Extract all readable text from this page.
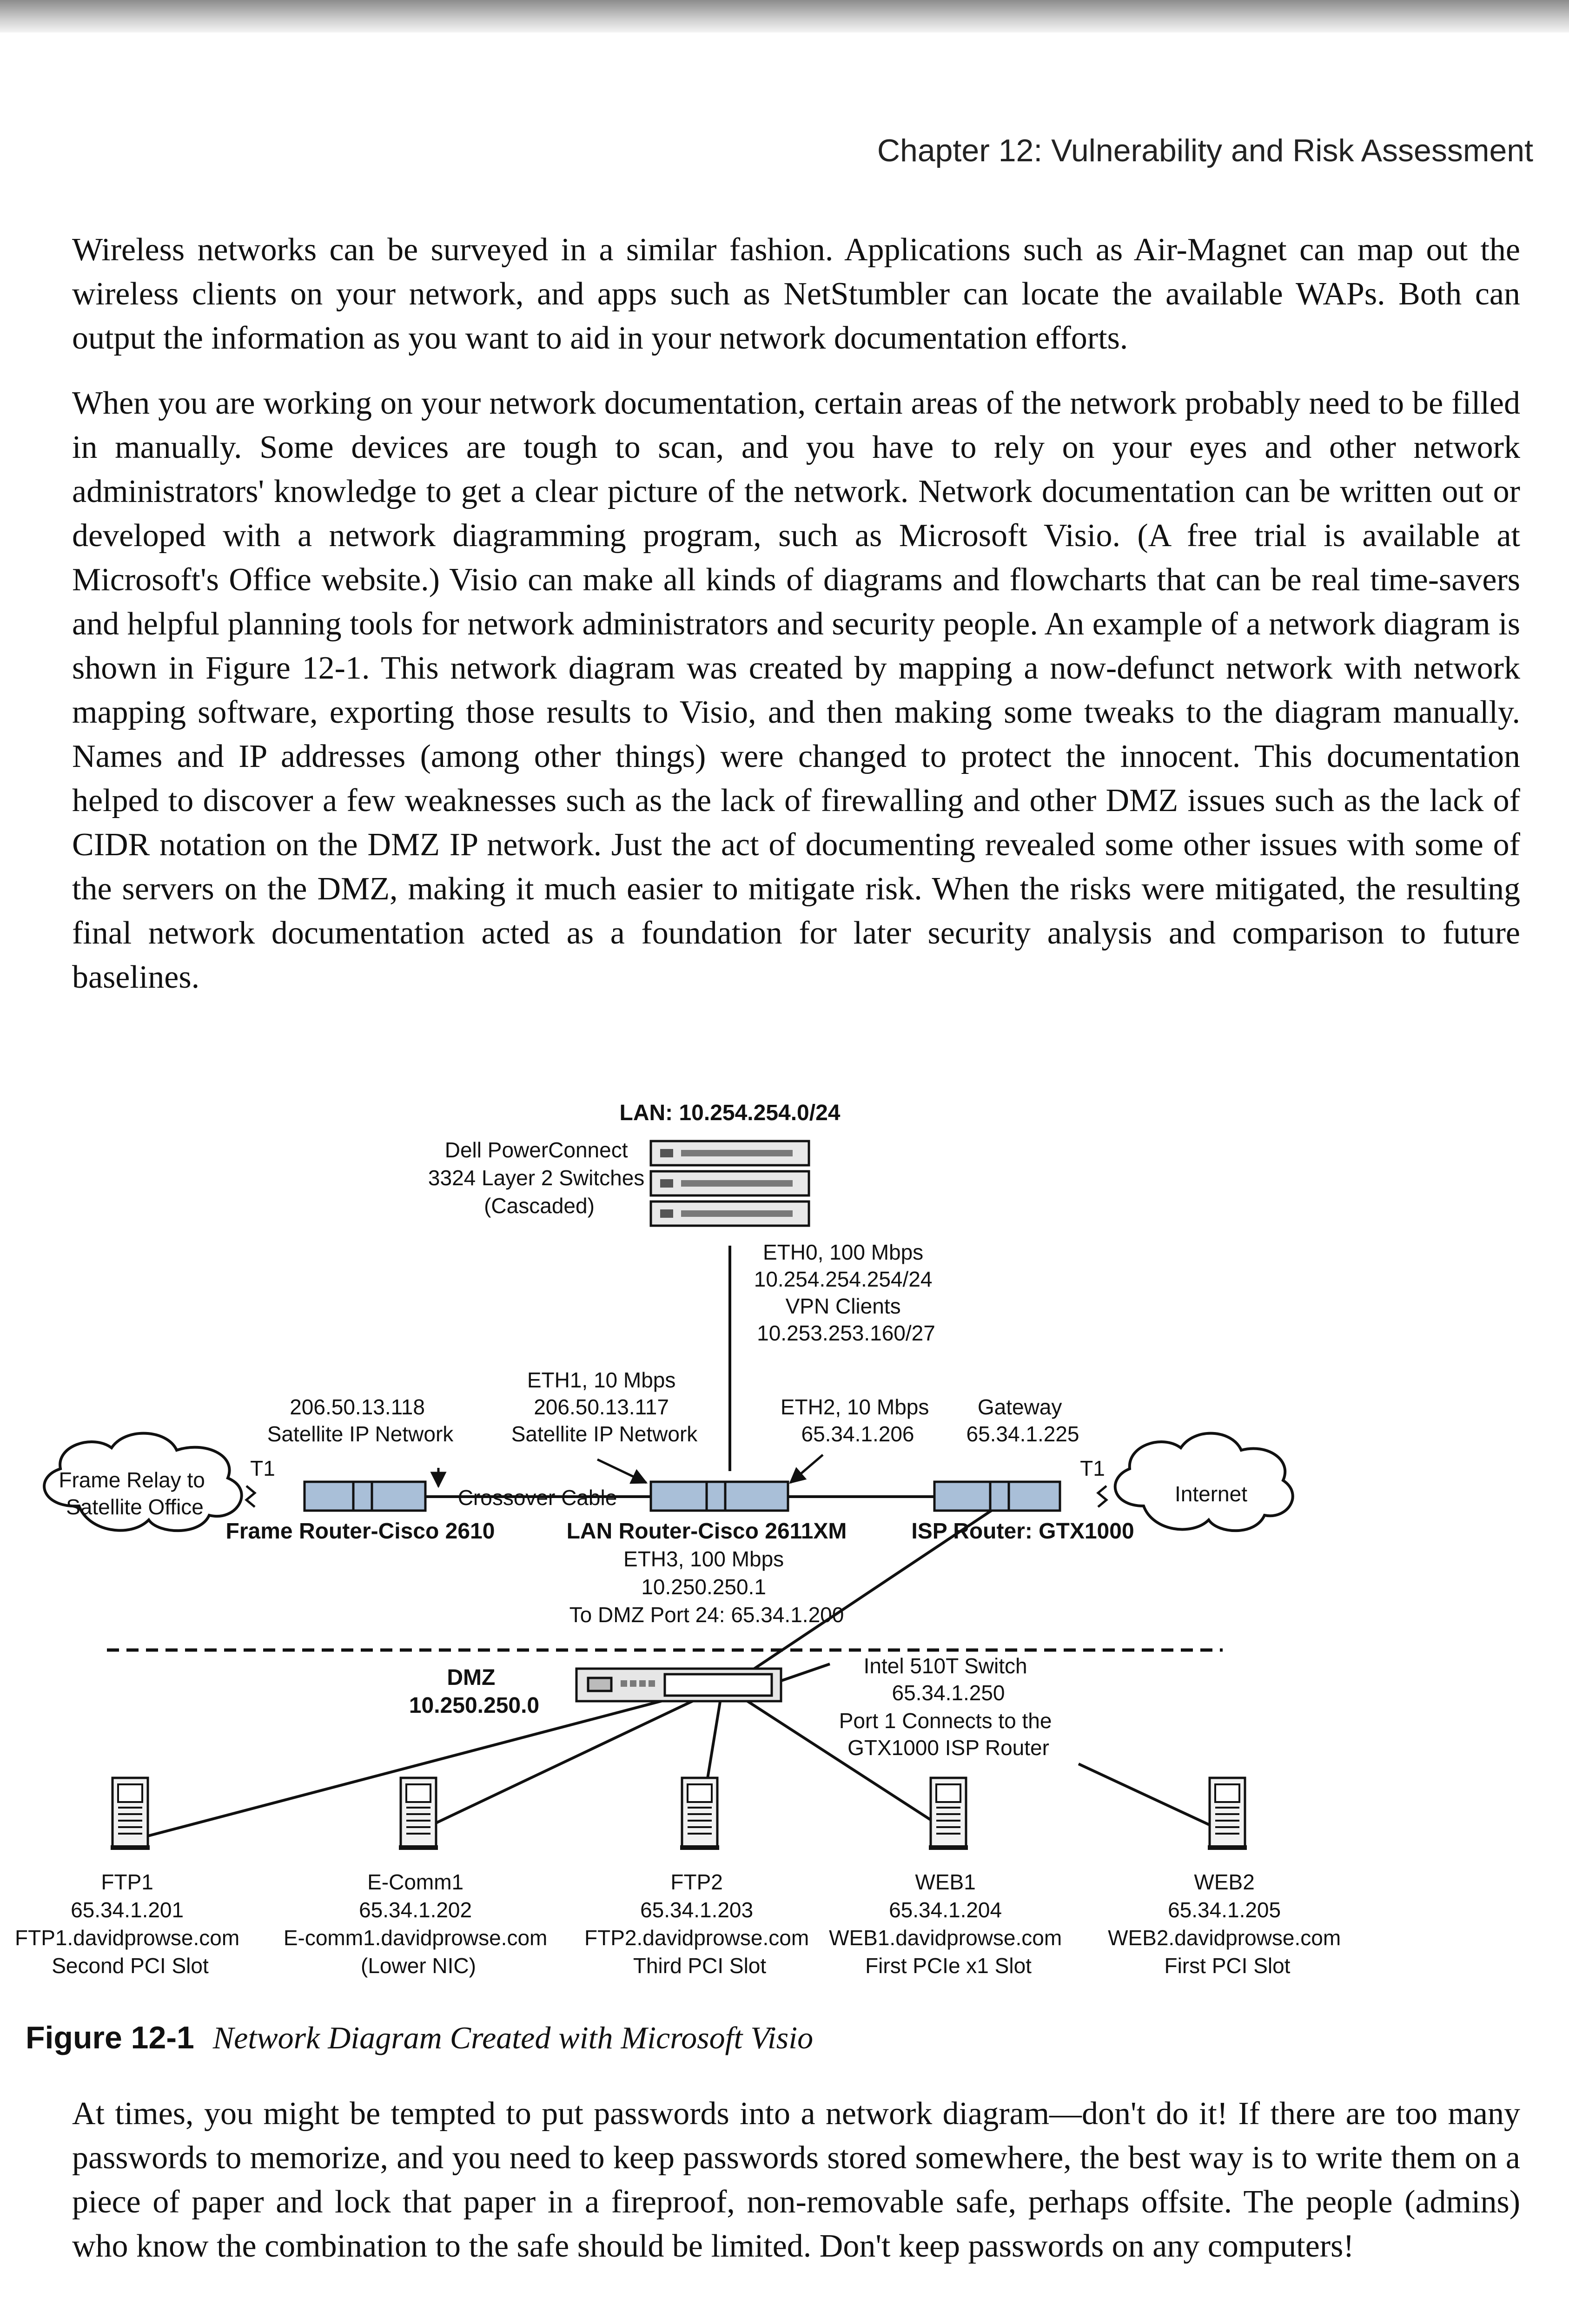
Chapter 12: Vulnerability and Risk Assessment

Wireless networks can be surveyed in a similar fashion. Applications such as Air-Magnet can map out the wireless clients on your network, and apps such as NetStumbler can locate the available WAPs. Both can output the information as you want to aid in your network documentation efforts.

When you are working on your network documentation, certain areas of the network probably need to be filled in manually. Some devices are tough to scan, and you have to rely on your eyes and other network administrators' knowledge to get a clear picture of the network. Network documentation can be written out or developed with a network diagramming program, such as Microsoft Visio. (A free trial is available at Microsoft's Office website.) Visio can make all kinds of diagrams and flowcharts that can be real time-savers and helpful planning tools for network administrators and security people. An example of a network diagram is shown in Figure 12-1. This network diagram was created by mapping a now-defunct network with network mapping software, exporting those results to Visio, and then making some tweaks to the diagram manually. Names and IP addresses (among other things) were changed to protect the innocent. This documentation helped to discover a few weaknesses such as the lack of firewalling and other DMZ issues such as the lack of CIDR notation on the DMZ IP network. Just the act of documenting revealed some other issues with some of the servers on the DMZ, making it much easier to mitigate risk. When the risks were mitigated, the resulting final network documentation acted as a foundation for later security analysis and comparison to future baselines.

LAN: 10.254.254.0/24
Dell PowerConnect 3324 Layer 2 Switches (Cascaded)
ETH0, 100 Mbps 10.254.254.254/24 VPN Clients 10.253.253.160/27
ETH1, 10 Mbps 206.50.13.117 Satellite IP Network
206.50.13.118 Satellite IP Network
ETH2, 10 Mbps 65.34.1.206
Gateway 65.34.1.225
Frame Relay to Satellite Office
Internet
T1	T1
Crossover Cable
Frame Router-Cisco 2610	LAN Router-Cisco 2611XM	ISP Router: GTX1000
ETH3, 100 Mbps 10.250.250.1 To DMZ Port 24: 65.34.1.200
DMZ 10.250.250.0
Intel 510T Switch 65.34.1.250
Port 1 Connects to the GTX1000 ISP Router
FTP1 65.34.1.201 FTP1.davidprowse.com Second PCI Slot
E-Comm1 65.34.1.202 E-comm1.davidprowse.com (Lower NIC)
FTP2 65.34.1.203 FTP2.davidprowse.com Third PCI Slot
WEB1 65.34.1.204 WEB1.davidprowse.com First PCIe x1 Slot
WEB2 65.34.1.205 WEB2.davidprowse.com First PCI Slot
Figure 12-1 Network Diagram Created with Microsoft Visio

At times, you might be tempted to put passwords into a network diagram—don't do it! If there are too many passwords to memorize, and you need to keep passwords stored somewhere, the best way is to write them on a piece of paper and lock that paper in a fireproof, non-removable safe, perhaps offsite. The people (admins) who know the combination to the safe should be limited. Don't keep passwords on any computers!
